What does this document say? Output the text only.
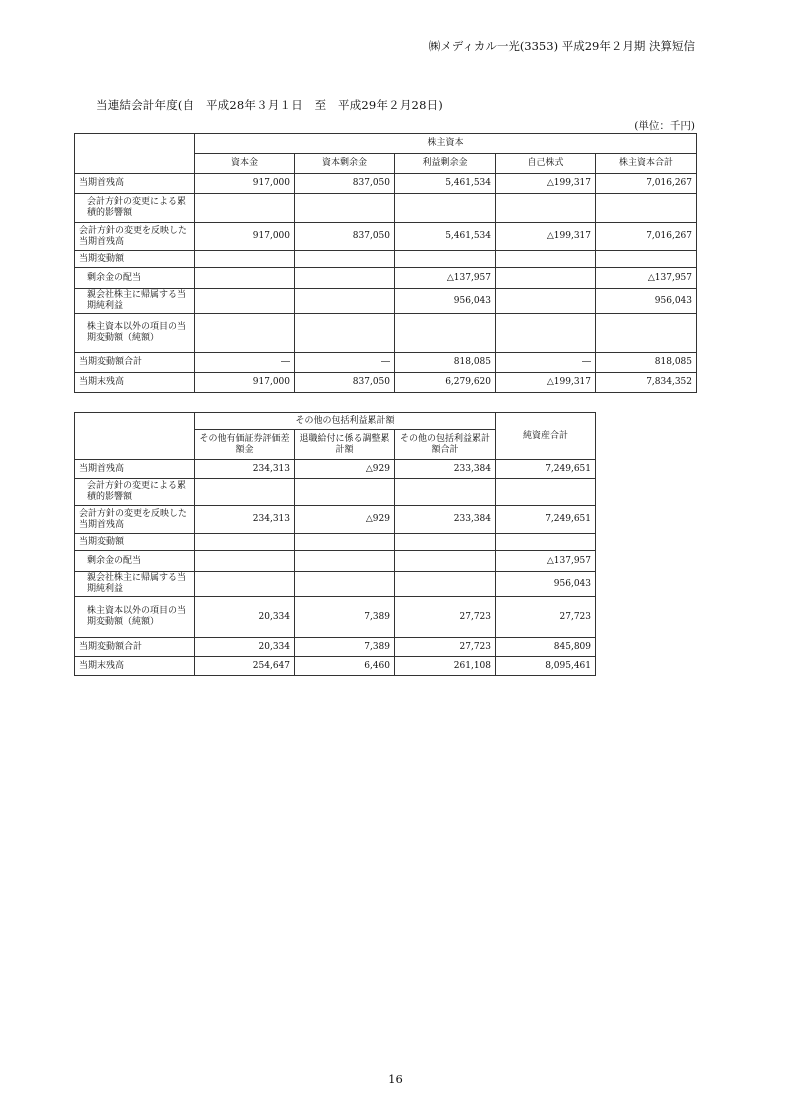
㈱メディカル一光(3353) 平成29年２月期 決算短信
当連結会計年度(自　平成28年３月１日　至　平成29年２月28日)
(単位：千円)
	株主資本				
	資本金	資本剰余金	利益剰余金	自己株式	株主資本合計
当期首残高	917,000	837,050	5,461,534	△199,317	7,016,267
会計方針の変更による累積的影響額					
会計方針の変更を反映した当期首残高	917,000	837,050	5,461,534	△199,317	7,016,267
当期変動額					
剰余金の配当			△137,957		△137,957
親会社株主に帰属する当期純利益			956,043		956,043
株主資本以外の項目の当期変動額（純額）					
当期変動額合計	―	―	818,085	―	818,085
当期末残高	917,000	837,050	6,279,620	△199,317	7,834,352
	その他の包括利益累計額			純資産合計
	その他有価証券評価差額金	退職給付に係る調整累計額	その他の包括利益累計額合計	
当期首残高	234,313	△929	233,384	7,249,651
会計方針の変更による累積的影響額				
会計方針の変更を反映した当期首残高	234,313	△929	233,384	7,249,651
当期変動額				
剰余金の配当				△137,957
親会社株主に帰属する当期純利益				956,043
株主資本以外の項目の当期変動額（純額）	20,334	7,389	27,723	27,723
当期変動額合計	20,334	7,389	27,723	845,809
当期末残高	254,647	6,460	261,108	8,095,461
16
